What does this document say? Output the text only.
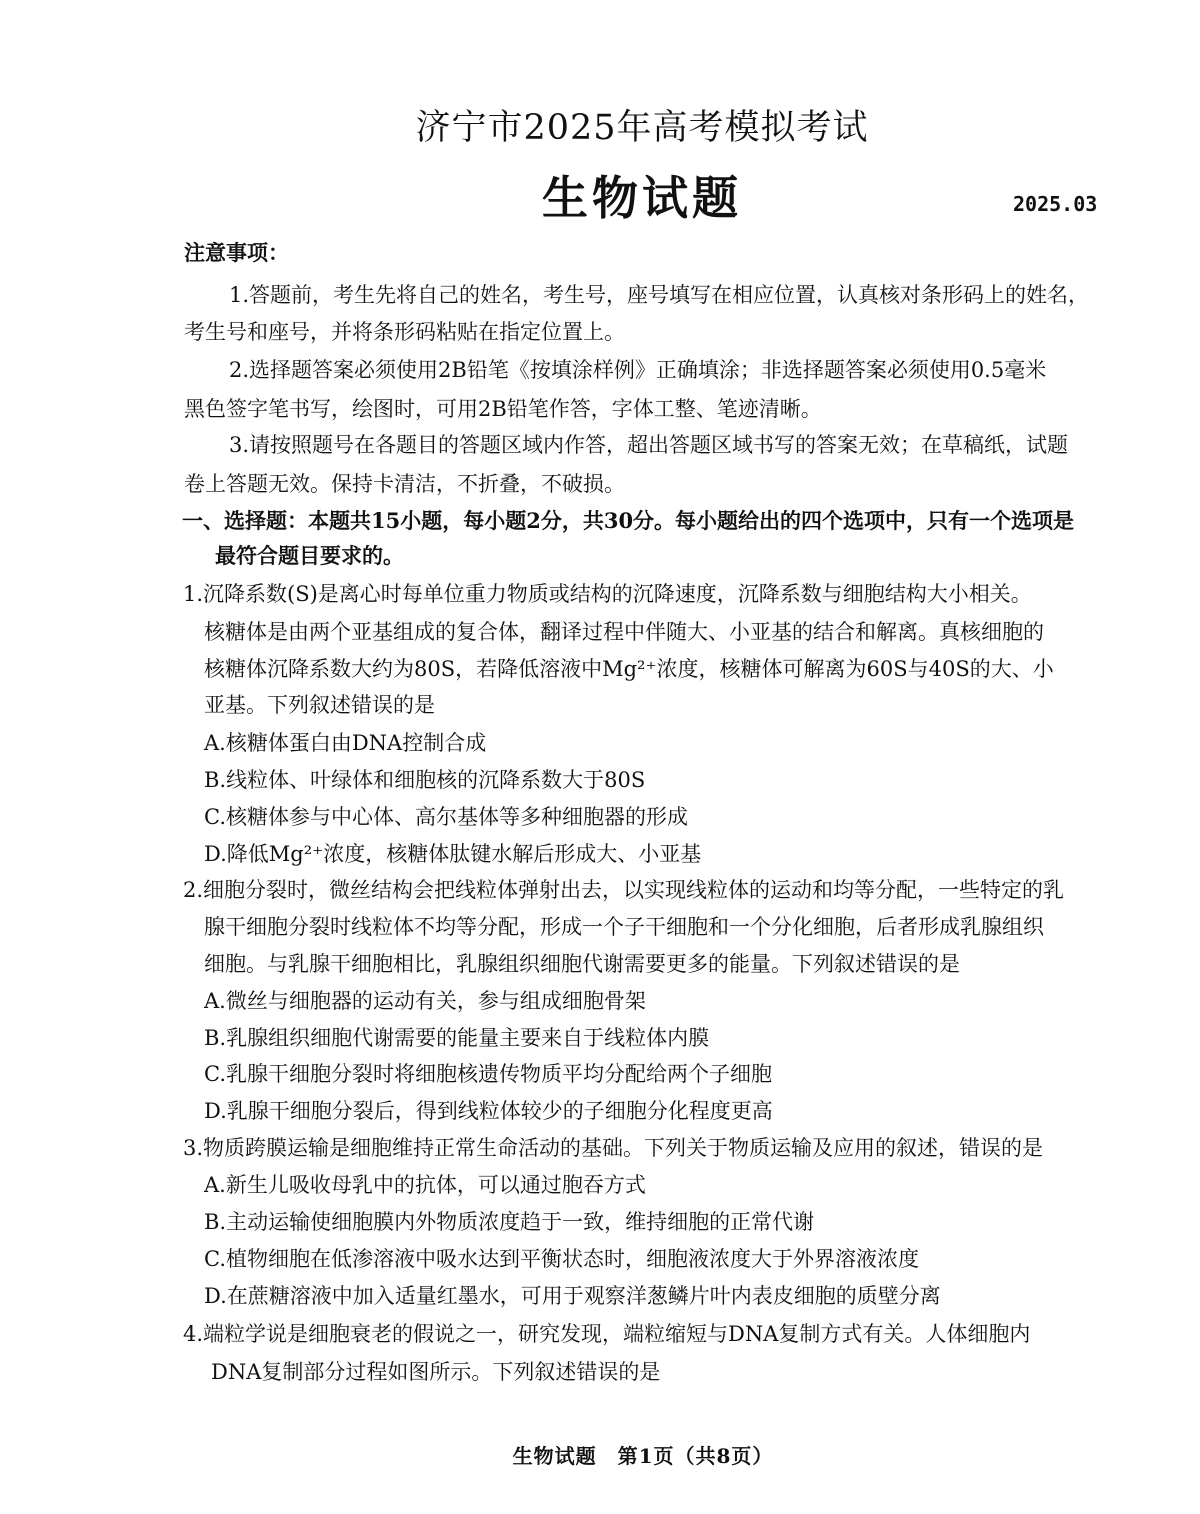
济宁市2025年高考模拟考试
生物试题	2025.03
注意事项：
1.答题前，考生先将自己的姓名，考生号，座号填写在相应位置，认真核对条形码上的姓名，
考生号和座号，并将条形码粘贴在指定位置上。
2.选择题答案必须使用2B铅笔《按填涂样例》正确填涂；非选择题答案必须使用0.5毫米
黑色签字笔书写，绘图时，可用2B铅笔作答，字体工整、笔迹清晰。
3.请按照题号在各题目的答题区域内作答，超出答题区域书写的答案无效；在草稿纸，试题
卷上答题无效。保持卡清洁，不折叠，不破损。
一、选择题：本题共15小题，每小题2分，共30分。每小题给出的四个选项中，只有一个选项是
最符合题目要求的。
1.沉降系数(S)是离心时每单位重力物质或结构的沉降速度，沉降系数与细胞结构大小相关。
核糖体是由两个亚基组成的复合体，翻译过程中伴随大、小亚基的结合和解离。真核细胞的
核糖体沉降系数大约为80S，若降低溶液中Mg²⁺浓度，核糖体可解离为60S与40S的大、小
亚基。下列叙述错误的是
A.核糖体蛋白由DNA控制合成
B.线粒体、叶绿体和细胞核的沉降系数大于80S
C.核糖体参与中心体、高尔基体等多种细胞器的形成
D.降低Mg²⁺浓度，核糖体肽键水解后形成大、小亚基
2.细胞分裂时，微丝结构会把线粒体弹射出去，以实现线粒体的运动和均等分配，一些特定的乳
腺干细胞分裂时线粒体不均等分配，形成一个子干细胞和一个分化细胞，后者形成乳腺组织
细胞。与乳腺干细胞相比，乳腺组织细胞代谢需要更多的能量。下列叙述错误的是
A.微丝与细胞器的运动有关，参与组成细胞骨架
B.乳腺组织细胞代谢需要的能量主要来自于线粒体内膜
C.乳腺干细胞分裂时将细胞核遗传物质平均分配给两个子细胞
D.乳腺干细胞分裂后，得到线粒体较少的子细胞分化程度更高
3.物质跨膜运输是细胞维持正常生命活动的基础。下列关于物质运输及应用的叙述，错误的是
A.新生儿吸收母乳中的抗体，可以通过胞吞方式
B.主动运输使细胞膜内外物质浓度趋于一致，维持细胞的正常代谢
C.植物细胞在低渗溶液中吸水达到平衡状态时，细胞液浓度大于外界溶液浓度
D.在蔗糖溶液中加入适量红墨水，可用于观察洋葱鳞片叶内表皮细胞的质壁分离
4.端粒学说是细胞衰老的假说之一，研究发现，端粒缩短与DNA复制方式有关。人体细胞内
DNA复制部分过程如图所示。下列叙述错误的是
生物试题　第1页（共8页）
